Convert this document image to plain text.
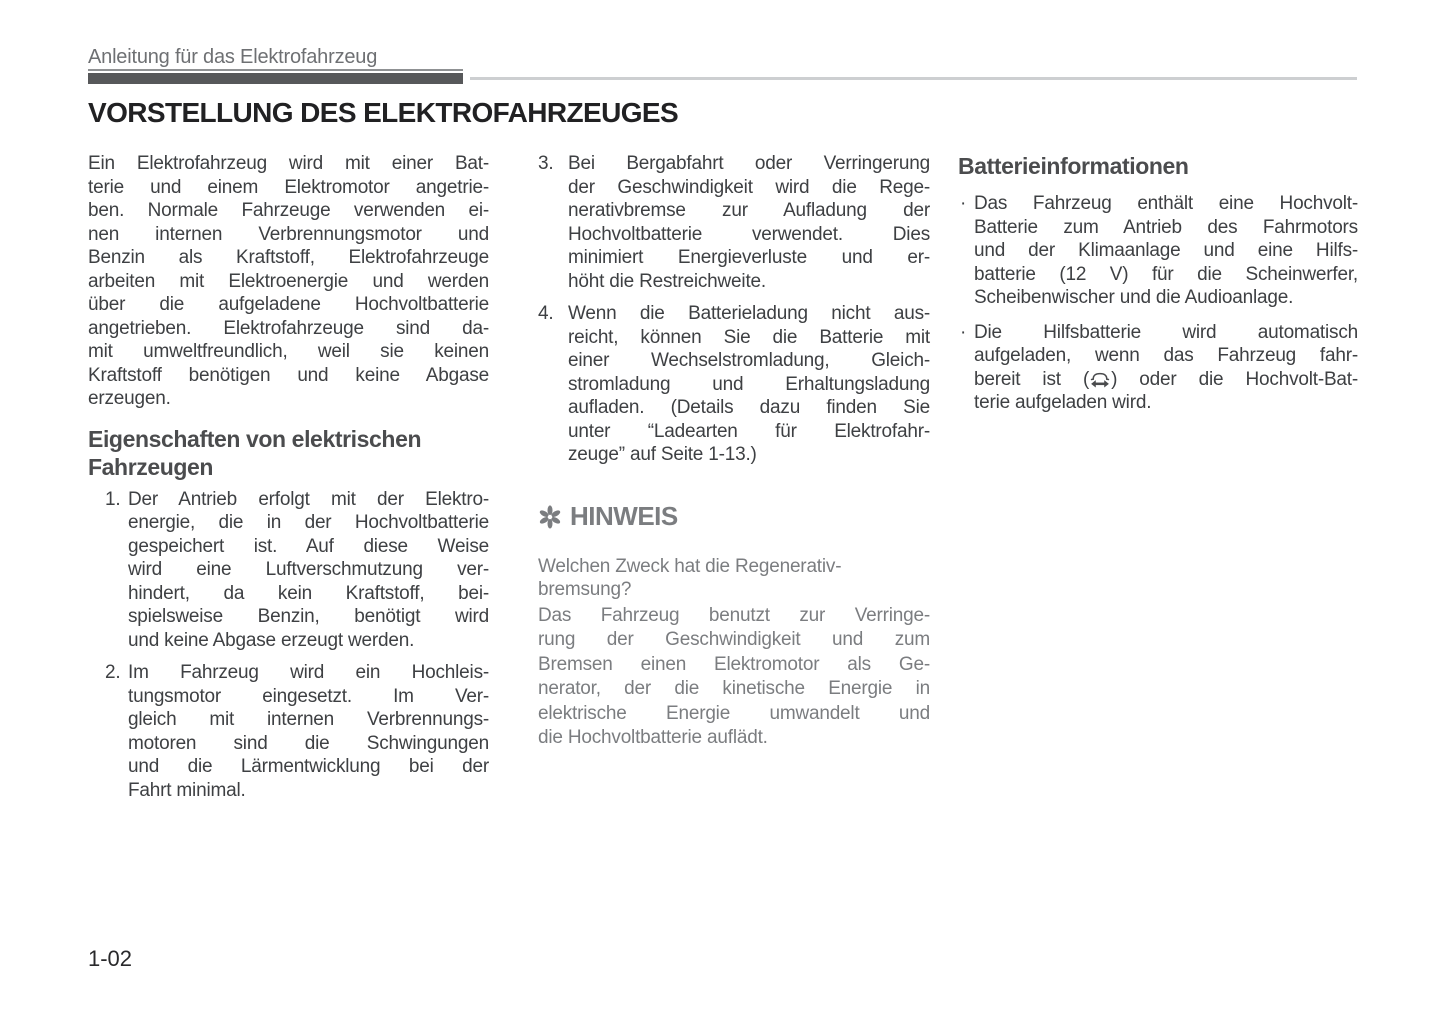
Anleitung für das Elektrofahrzeug
VORSTELLUNG DES ELEKTROFAHRZEUGES
Ein Elektrofahrzeug wird mit einer Bat-
terie und einem Elektromotor angetrie-
ben. Normale Fahrzeuge verwenden ei-
nen internen Verbrennungsmotor und
Benzin als Kraftstoff, Elektrofahrzeuge
arbeiten mit Elektroenergie und werden
über die aufgeladene Hochvoltbatterie
angetrieben. Elektrofahrzeuge sind da-
mit umweltfreundlich, weil sie keinen
Kraftstoff benötigen und keine Abgase
erzeugen.
Eigenschaften von elektrischen
Fahrzeugen
1. Der Antrieb erfolgt mit der Elektro-
energie, die in der Hochvoltbatterie
gespeichert ist. Auf diese Weise
wird eine Luftverschmutzung ver-
hindert, da kein Kraftstoff, bei-
spielsweise Benzin, benötigt wird
und keine Abgase erzeugt werden.
2. Im Fahrzeug wird ein Hochleis-
tungsmotor eingesetzt. Im Ver-
gleich mit internen Verbrennungs-
motoren sind die Schwingungen
und die Lärmentwicklung bei der
Fahrt minimal.
3. Bei Bergabfahrt oder Verringerung
der Geschwindigkeit wird die Rege-
nerativbremse zur Aufladung der
Hochvoltbatterie verwendet. Dies
minimiert Energieverluste und er-
höht die Restreichweite.
4. Wenn die Batterieladung nicht aus-
reicht, können Sie die Batterie mit
einer Wechselstromladung, Gleich-
stromladung und Erhaltungsladung
aufladen. (Details dazu finden Sie
unter “Ladearten für Elektrofahr-
zeuge” auf Seite 1-13.)
HINWEIS
Welchen Zweck hat die Regenerativ-
bremsung?
Das Fahrzeug benutzt zur Verringe-
rung der Geschwindigkeit und zum
Bremsen einen Elektromotor als Ge-
nerator, der die kinetische Energie in
elektrische Energie umwandelt und
die Hochvoltbatterie auflädt.
Batterieinformationen
· Das Fahrzeug enthält eine Hochvolt-
Batterie zum Antrieb des Fahrmotors
und der Klimaanlage und eine Hilfs-
batterie (12 V) für die Scheinwerfer,
Scheibenwischer und die Audioanlage.
· Die Hilfsbatterie wird automatisch
aufgeladen, wenn das Fahrzeug fahr-
bereit ist ( ) oder die Hochvolt-Bat-
terie aufgeladen wird.
1-02
